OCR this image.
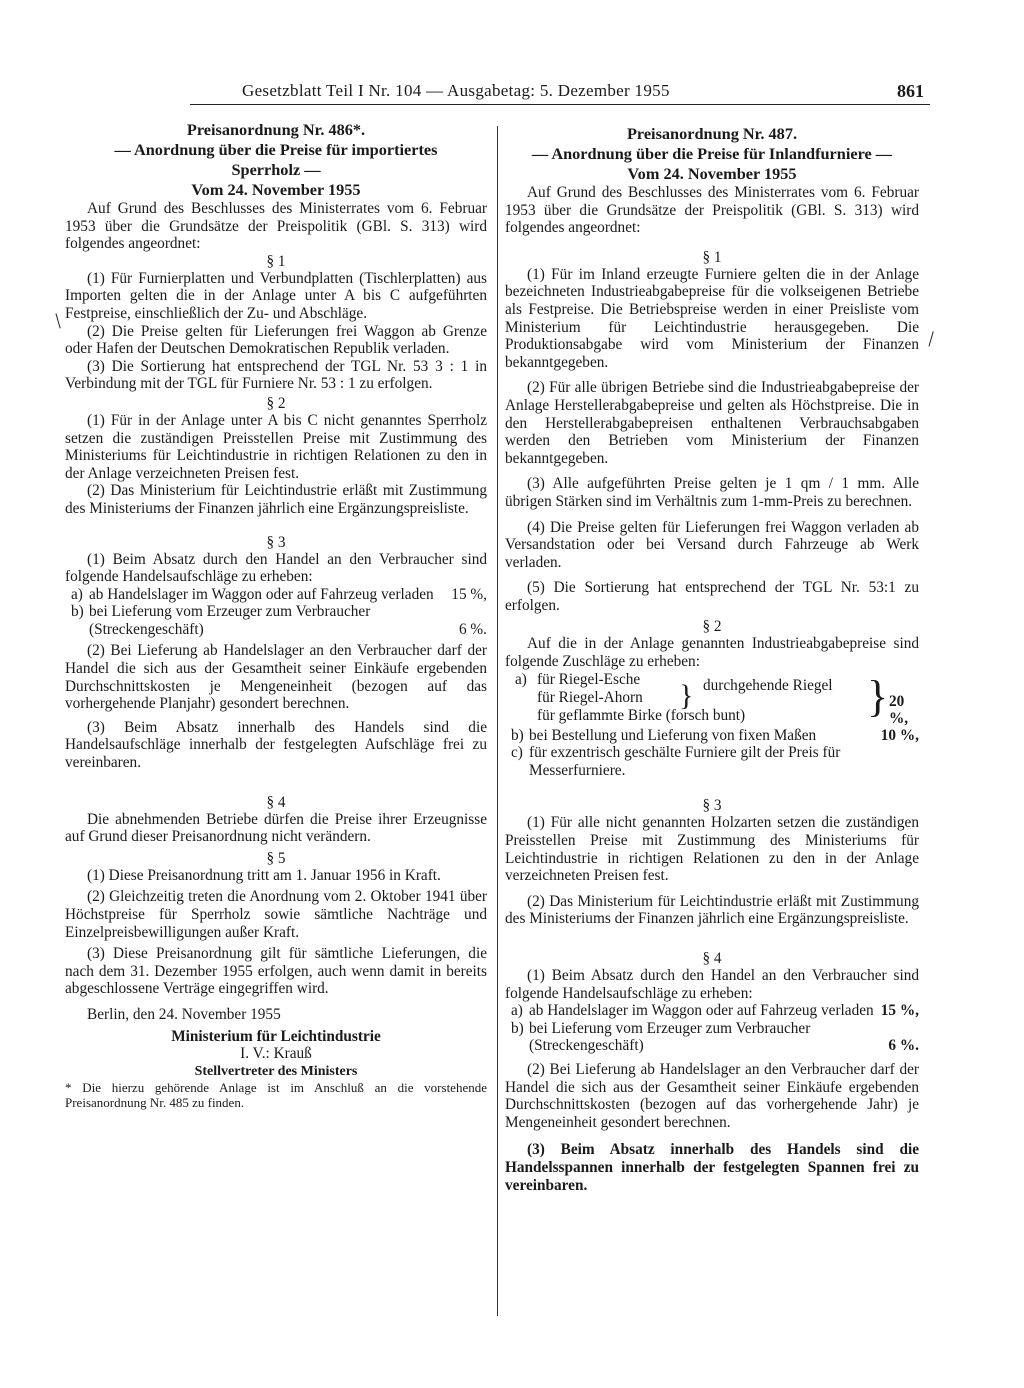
Gesetzblatt Teil I Nr. 104 — Ausgabetag: 5. Dezember 1955	861
/
\

Preisanordnung Nr. 486*.

— Anordnung über die Preise für importiertes

Sperrholz —

Vom 24. November 1955

Auf Grund des Beschlusses des Ministerrates vom 6. Februar 1953 über die Grundsätze der Preispolitik (GBl. S. 313) wird folgendes angeordnet:

§ 1

(1) Für Furnierplatten und Verbundplatten (Tischlerplatten) aus Importen gelten die in der Anlage unter A bis C aufgeführten Festpreise, einschließlich der Zu- und Abschläge.

(2) Die Preise gelten für Lieferungen frei Waggon ab Grenze oder Hafen der Deutschen Demokratischen Republik verladen.

(3) Die Sortierung hat entsprechend der TGL Nr. 53 3 : 1 in Verbindung mit der TGL für Furniere Nr. 53 : 1 zu erfolgen.

§ 2

(1) Für in der Anlage unter A bis C nicht genanntes Sperrholz setzen die zuständigen Preisstellen Preise mit Zustimmung des Ministeriums für Leichtindustrie in richtigen Relationen zu den in der Anlage verzeichneten Preisen fest.

(2) Das Ministerium für Leichtindustrie erläßt mit Zustimmung des Ministeriums der Finanzen jährlich eine Ergänzungspreisliste.

§ 3

(1) Beim Absatz durch den Handel an den Verbraucher sind folgende Handelsaufschläge zu erheben:

a) ab Handelslager im Waggon oder auf Fahrzeug verladen 15 %,
b) bei Lieferung vom Erzeuger zum Verbraucher (Streckengeschäft)	6 %.

(2) Bei Lieferung ab Handelslager an den Verbraucher darf der Handel die sich aus der Gesamtheit seiner Einkäufe ergebenden Durchschnittskosten je Mengeneinheit (bezogen auf das vorhergehende Planjahr) gesondert berechnen.

(3) Beim Absatz innerhalb des Handels sind die Handelsaufschläge innerhalb der festgelegten Aufschläge frei zu vereinbaren.

§ 4

Die abnehmenden Betriebe dürfen die Preise ihrer Erzeugnisse auf Grund dieser Preisanordnung nicht verändern.

§ 5

(1) Diese Preisanordnung tritt am 1. Januar 1956 in Kraft.

(2) Gleichzeitig treten die Anordnung vom 2. Oktober 1941 über Höchstpreise für Sperrholz sowie sämtliche Nachträge und Einzelpreisbewilligungen außer Kraft.

(3) Diese Preisanordnung gilt für sämtliche Lieferungen, die nach dem 31. Dezember 1955 erfolgen, auch wenn damit in bereits abgeschlossene Verträge eingegriffen wird.

Berlin, den 24. November 1955

Ministerium für Leichtindustrie

I. V.: Krauß

Stellvertreter des Ministers

* Die hierzu gehörende Anlage ist im Anschluß an die vorstehende Preisanordnung Nr. 485 zu finden.

Preisanordnung Nr. 487.

— Anordnung über die Preise für Inlandfurniere —

Vom 24. November 1955

Auf Grund des Beschlusses des Ministerrates vom 6. Februar 1953 über die Grundsätze der Preispolitik (GBl. S. 313) wird folgendes angeordnet:

§ 1

(1) Für im Inland erzeugte Furniere gelten die in der Anlage bezeichneten Industrieabgabepreise für die volkseigenen Betriebe als Festpreise. Die Betriebspreise werden in einer Preisliste vom Ministerium für Leichtindustrie herausgegeben. Die Produktionsabgabe wird vom Ministerium der Finanzen bekanntgegeben.

(2) Für alle übrigen Betriebe sind die Industrieabgabepreise der Anlage Herstellerabgabepreise und gelten als Höchstpreise. Die in den Herstellerabgabepreisen enthaltenen Verbrauchsabgaben werden den Betrieben vom Ministerium der Finanzen bekanntgegeben.

(3) Alle aufgeführten Preise gelten je 1 qm / 1 mm. Alle übrigen Stärken sind im Verhältnis zum 1-mm-Preis zu berechnen.

(4) Die Preise gelten für Lieferungen frei Waggon verladen ab Versandstation oder bei Versand durch Fahrzeuge ab Werk verladen.

(5) Die Sortierung hat entsprechend der TGL Nr. 53:1 zu erfolgen.

§ 2

Auf die in der Anlage genannten Industrieabgabepreise sind folgende Zuschläge zu erheben:

a) für Riegel-Esche
für Riegel-Ahorn } durchgehende Riegel
für geflammte Birke (forsch bunt)	} 20 %,
b) bei Bestellung und Lieferung von fixen Maßen	10 %,
c) für exzentrisch geschälte Furniere gilt der Preis für Messerfurniere.

§ 3

(1) Für alle nicht genannten Holzarten setzen die zuständigen Preisstellen Preise mit Zustimmung des Ministeriums für Leichtindustrie in richtigen Relationen zu den in der Anlage verzeichneten Preisen fest.

(2) Das Ministerium für Leichtindustrie erläßt mit Zustimmung des Ministeriums der Finanzen jährlich eine Ergänzungspreisliste.

§ 4

(1) Beim Absatz durch den Handel an den Verbraucher sind folgende Handelsaufschläge zu erheben:

a) ab Handelslager im Waggon oder auf Fahrzeug verladen 15 %,
b) bei Lieferung vom Erzeuger zum Verbraucher (Streckengeschäft)	6 %.

(2) Bei Lieferung ab Handelslager an den Verbraucher darf der Handel die sich aus der Gesamtheit seiner Einkäufe ergebenden Durchschnittskosten (bezogen auf das vorhergehende Jahr) je Mengeneinheit gesondert berechnen.

(3) Beim Absatz innerhalb des Handels sind die Handelsspannen innerhalb der festgelegten Spannen frei zu vereinbaren.
